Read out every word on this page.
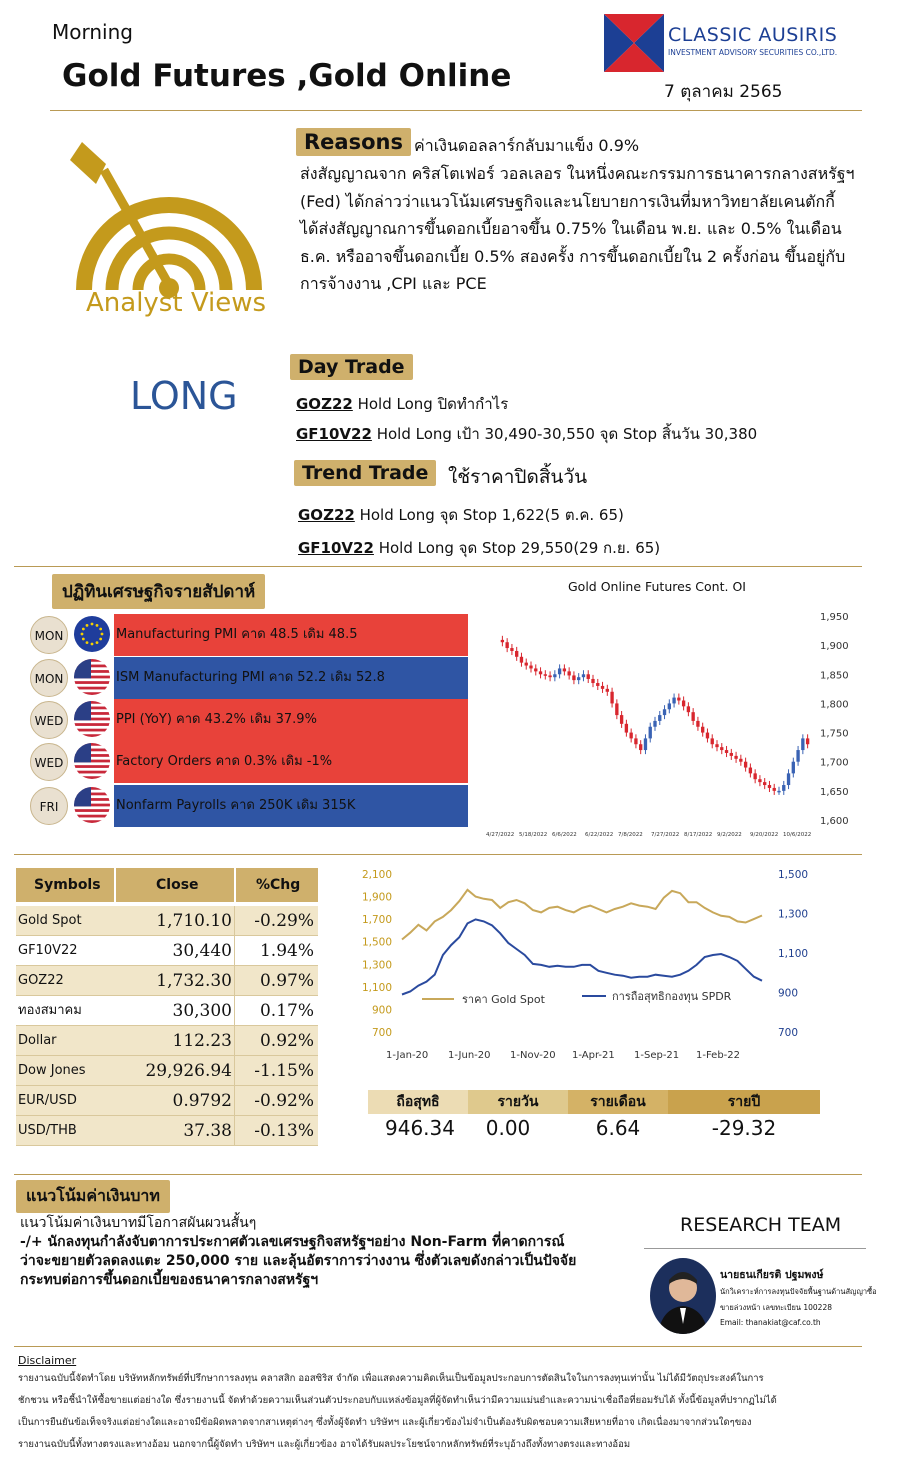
Morning
Gold Futures ,Gold Online
CLASSIC AUSIRIS
INVESTMENT ADVISORY SECURITIES CO.,LTD.
7 ตุลาคม 2565
Analyst Views
Reasons ค่าเงินดอลลาร์กลับมาแข็ง 0.9%
ส่งสัญญาณจาก คริสโตเฟอร์ วอลเลอร ในหนึ่งคณะกรรมการธนาคารกลางสหรัฐฯ
(Fed) ได้กล่าวว่าแนวโน้มเศรษฐกิจและนโยบายการเงินที่มหาวิทยาลัยเคนตักกี้
ได้ส่งสัญญาณการขึ้นดอกเบี้ยอาจขึ้น 0.75% ในเดือน พ.ย. และ 0.5% ในเดือน
ธ.ค. หรืออาจขึ้นดอกเบี้ย 0.5% สองครั้ง การขึ้นดอกเบี้ยใน 2 ครั้งก่อน ขึ้นอยู่กับ
การจ้างงาน ,CPI และ PCE
LONG
Day Trade
GOZ22 Hold Long ปิดทำกำไร
GF10V22 Hold Long เป้า 30,490-30,550 จุด Stop สิ้นวัน 30,380
Trend Trade	ใช้ราคาปิดสิ้นวัน
GOZ22 Hold Long จุด Stop 1,622(5 ต.ค. 65)
GF10V22 Hold Long จุด Stop 29,550(29 ก.ย. 65)
ปฏิทินเศรษฐกิจรายสัปดาห์
MON	Manufacturing PMI คาด 48.5 เดิม 48.5
MON	ISM Manufacturing PMI คาด 52.2 เดิม 52.8
WED	PPI (YoY) คาด 43.2% เดิม 37.9%
WED	Factory Orders คาด 0.3% เดิม -1%
FRI	Nonfarm Payrolls คาด 250K เดิม 315K
Gold Online Futures Cont. OI
1,950
1,900
1,850
1,800
1,750
1,700
1,650
1,600
4/27/2022 5/18/2022 6/6/2022 6/22/2022 7/8/2022 7/27/2022 8/17/2022 9/2/2022 9/20/2022 10/6/2022
Symbols	Close	%Chg
Gold Spot	1,710.10 -0.29%
GF10V22	30,440 1.94%
GOZ22	1,732.30 0.97%
ทองสมาคม	30,300 0.17%
Dollar	112.23 0.92%
Dow Jones	29,926.94 -1.15%
EUR/USD	0.9792 -0.92%
USD/THB	37.38 -0.13%
2,100
1,900
1,700
1,500
1,300
1,100
900
700
1,500
1,300
1,100
900
700
1-Jan-20 1-Jun-20 1-Nov-20 1-Apr-21 1-Sep-21 1-Feb-22
ราคา Gold Spot	การถือสุทธิกองทุน SPDR
ถือสุทธิ	รายวัน	รายเดือน	รายปี
946.34	0.00	6.64	-29.32
แนวโน้มค่าเงินบาท
แนวโน้มค่าเงินบาทมีโอกาสผันผวนสั้นๆ
-/+ นักลงทุนกำลังจับตาการประกาศตัวเลขเศรษฐกิจสหรัฐฯอย่าง Non-Farm ที่คาดการณ์
ว่าจะขยายตัวลดลงแตะ 250,000 ราย และลุ้นอัตราการว่างงาน ซึ่งตัวเลขดังกล่าวเป็นปัจจัย
กระทบต่อการขึ้นดอกเบี้ยของธนาคารกลางสหรัฐฯ
RESEARCH TEAM
นายธนเกียรติ ปฐมพงษ์
นักวิเคราะห์การลงทุนปัจจัยพื้นฐานด้านสัญญาซื้อ
ขายล่วงหน้า เลขทะเบียน 100228
Email: thanakiat@caf.co.th
Disclaimer
รายงานฉบับนี้จัดทำโดย บริษัทหลักทรัพย์ที่ปรึกษาการลงทุน คลาสสิก ออสซิริส จำกัด เพื่อแสดงความคิดเห็นเป็นข้อมูลประกอบการตัดสินใจในการลงทุนเท่านั้น ไม่ได้มีวัตถุประสงค์ในการ
ชักชวน หรือชี้นำให้ซื้อขายแต่อย่างใด ซึ่งรายงานนี้ จัดทำด้วยความเห็นส่วนตัวประกอบกับแหล่งข้อมูลที่ผู้จัดทำเห็นว่ามีความแม่นยำและความน่าเชื่อถือที่ยอมรับได้ ทั้งนี้ข้อมูลที่ปรากฏไม่ได้
เป็นการยืนยันข้อเท็จจริงแต่อย่างใดและอาจมีข้อผิดพลาดจากสาเหตุต่างๆ ซึ่งทั้งผู้จัดทำ บริษัทฯ และผู้เกี่ยวข้องไม่จำเป็นต้องรับผิดชอบความเสียหายที่อาจ เกิดเนื่องมาจากส่วนใดๆของ
รายงานฉบับนี้ทั้งทางตรงและทางอ้อม นอกจากนี้ผู้จัดทำ บริษัทฯ และผู้เกี่ยวข้อง อาจได้รับผลประโยชน์จากหลักทรัพย์ที่ระบุอ้างถึงทั้งทางตรงและทางอ้อม
